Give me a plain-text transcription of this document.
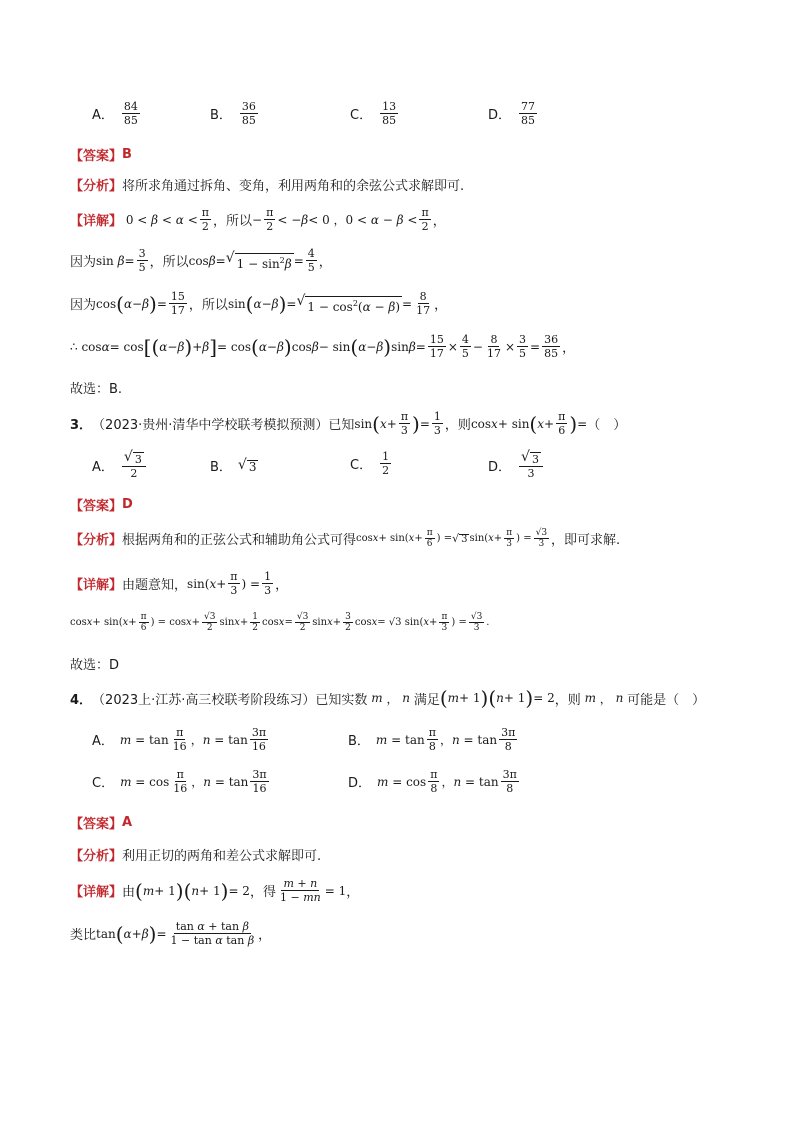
A． $\frac{84}{85}$	B． $\frac{36}{85}$	C． $\frac{13}{85}$	D． $\frac{77}{85}$
【答案】 B
【分析】 将所求角通过拆角、变角，利用两角和的余弦公式求解即可.
【详解】 $0 < \beta < \alpha < \frac{\pi}{2}$ ，所以 − $\frac{\pi}{2}$ < − β < 0 ，$0 < \alpha - \beta < \frac{\pi}{2}$ ，
因为 $\sin \beta = \frac{3}{5}$ ，所以 cos β = √ $1 - \sin^2\beta = \frac{4}{5}$ ，
因为 cos ( α − β ) = $\frac{15}{17}$ ，所以 sin ( α − β ) = √ $1 - \cos^2(\alpha - \beta) = \frac{8}{17}$ ，
∴ cos α = cos [ ( α − β ) + β ] = cos ( α − β ) cos β − sin ( α − β ) $\sin \beta = \frac{15}{17} \times \frac{4}{5} - \frac{8}{17} \times \frac{3}{5} = \frac{36}{85}$ ，
故选：B.
3． （2023·贵州·清华中学校联考模拟预测） 已知 sin ( $x + \frac{\pi}{3}$ ) = $\frac{1}{3}$ ，则 cos x + sin ( $x + \frac{\pi}{6}$ ) = （　）
A． $\frac{√ 3}{2}$	B． √ 3	C． $\frac{1}{2}$	D． $\frac{√ 3}{3}$
【答案】 D
【分析】 根据两角和的正弦公式和辅助角公式可得 cos x + sin( $x + \frac{\pi}{6}$ ) = √ 3 sin( $x + \frac{\pi}{3}$ ) = $\frac{√3}{3}$ ，即可求解.
【详解】 由题意知， sin( $x + \frac{\pi}{3}$ ) = $\frac{1}{3}$ ，
cos x + sin( $x + \frac{\pi}{6}$ ) = $\cos x + \frac{√3}{2}$ $\sin x + \frac{1}{2}$ $\cos x = \frac{√3}{2}$ $\sin x + \frac{3}{2}$ cos x = √3 sin( $x + \frac{\pi}{3}$ ) = $\frac{√3}{3}$ .
故选：D
4． （2023上·江苏·高三校联考阶段练习） 已知实数 m ， n 满足 ( m + 1 ) ( n + 1 ) = 2 ，则 m ， n 可能是（　）
A． $m = \tan \frac{\pi}{16}$ ， $n = \tan \frac{3\pi}{16}$	B． $m = \tan \frac{\pi}{8}$ ， $n = \tan \frac{3\pi}{8}$
C． $m = \cos \frac{\pi}{16}$ ， $n = \tan \frac{3\pi}{16}$	D． $m = \cos \frac{\pi}{8}$ ， $n = \tan \frac{3\pi}{8}$
【答案】 A
【分析】 利用正切的两角和差公式求解即可.
【详解】 由 ( m + 1 ) ( n + 1 ) = 2 ，得 $\frac{m + n}{1 - mn} = 1$ ，
类比 tan ( α + β ) = $\frac{\text{tan α + tan β}}{\text{1 − tan α tan β}}$ ，
